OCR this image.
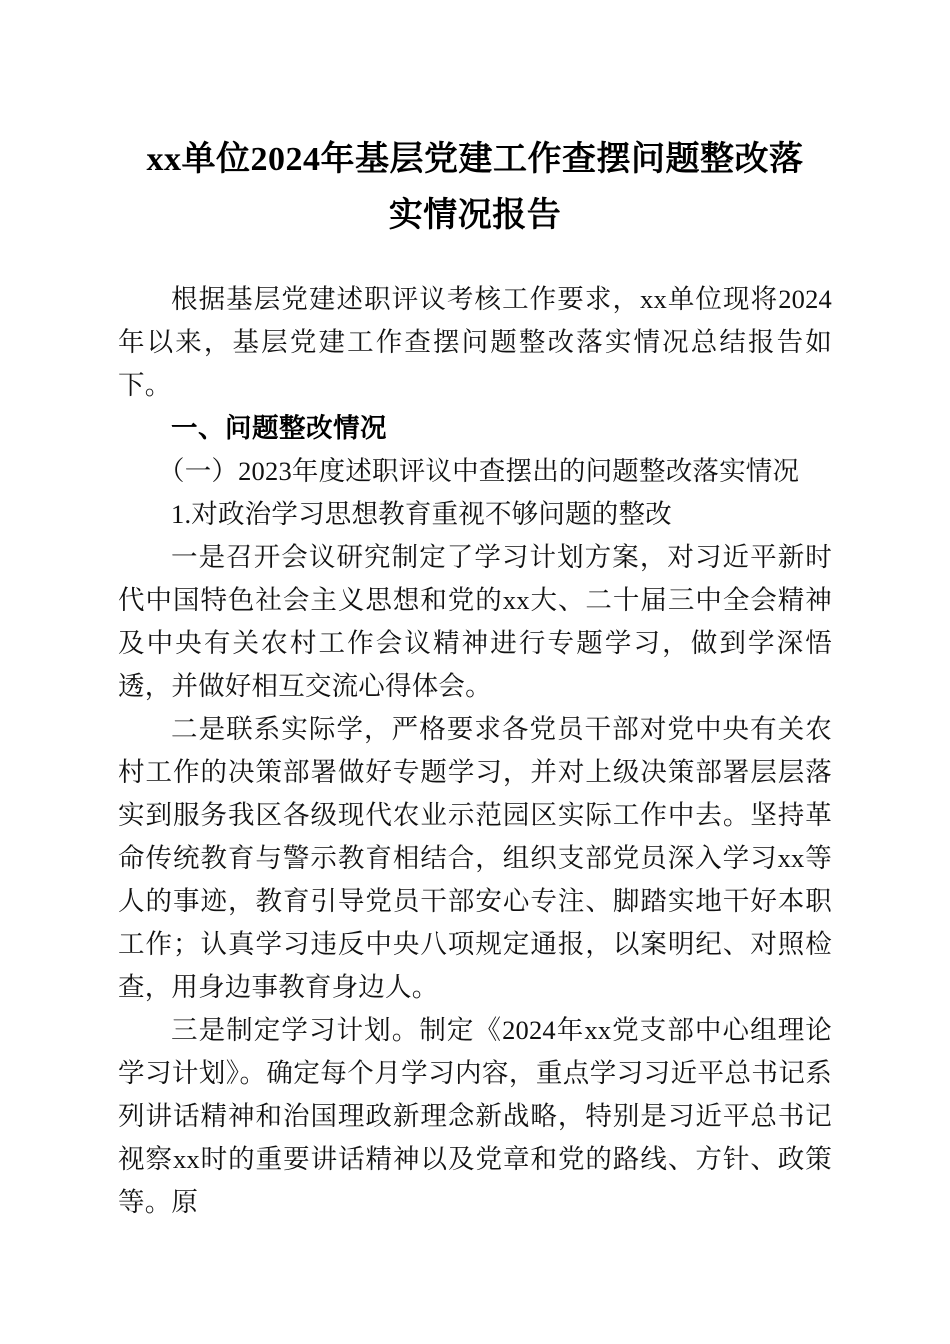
xx单位2024年基层党建工作查摆问题整改落
实情况报告

根据基层党建述职评议考核工作要求，xx单位现将2024年以来，基层党建工作查摆问题整改落实情况总结报告如下。

一、问题整改情况

（一）2023年度述职评议中查摆出的问题整改落实情况

1.对政治学习思想教育重视不够问题的整改

一是召开会议研究制定了学习计划方案，对习近平新时代中国特色社会主义思想和党的xx大、二十届三中全会精神及中央有关农村工作会议精神进行专题学习，做到学深悟透，并做好相互交流心得体会。

二是联系实际学，严格要求各党员干部对党中央有关农村工作的决策部署做好专题学习，并对上级决策部署层层落实到服务我区各级现代农业示范园区实际工作中去。坚持革命传统教育与警示教育相结合，组织支部党员深入学习xx等人的事迹，教育引导党员干部安心专注、脚踏实地干好本职工作；认真学习违反中央八项规定通报，以案明纪、对照检查，用身边事教育身边人。

三是制定学习计划。制定《2024年xx党支部中心组理论学习计划》。确定每个月学习内容，重点学习习近平总书记系列讲话精神和治国理政新理念新战略，特别是习近平总书记视察xx时的重要讲话精神以及党章和党的路线、方针、政策等。原
